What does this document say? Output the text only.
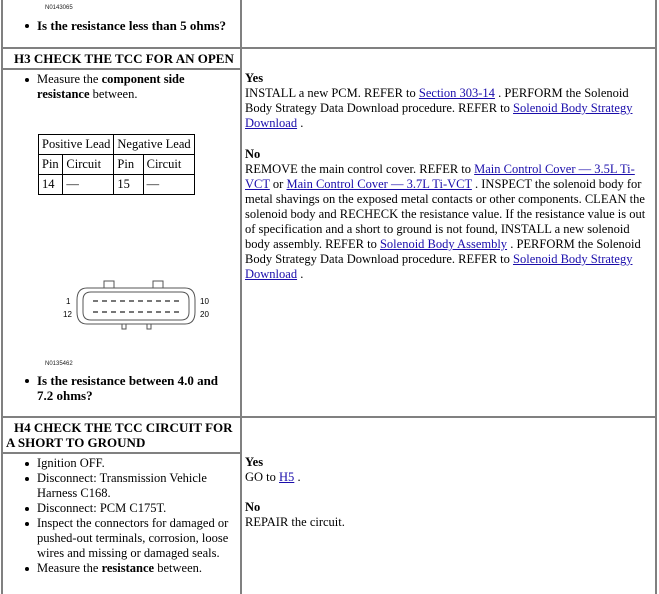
N0143065
Is the resistance less than 5 ohms?
H3 CHECK THE TCC FOR AN OPEN
Measure the component side resistance between.
Positive Lead		Negative Lead	
Pin	Circuit	Pin	Circuit
14	—	15	—
1
12
10
20
N0135462
Is the resistance between 4.0 and 7.2 ohms?
Yes
INSTALL a new PCM. REFER to Section 303-14 . PERFORM the Solenoid Body Strategy Data Download procedure. REFER to Solenoid Body Strategy Download .
No
REMOVE the main control cover. REFER to Main Control Cover — 3.5L Ti-VCT or Main Control Cover — 3.7L Ti-VCT . INSPECT the solenoid body for metal shavings on the exposed metal contacts or other components. CLEAN the solenoid body and RECHECK the resistance value. If the resistance value is out of specification and a short to ground is not found, INSTALL a new solenoid body assembly. REFER to Solenoid Body Assembly . PERFORM the Solenoid Body Strategy Data Download procedure. REFER to Solenoid Body Strategy Download .
H4 CHECK THE TCC CIRCUIT FOR A SHORT TO GROUND
Ignition OFF.
Disconnect: Transmission Vehicle Harness C168.
Disconnect: PCM C175T.
Inspect the connectors for damaged or pushed-out terminals, corrosion, loose wires and missing or damaged seals.
Measure the resistance between.
Yes
GO to H5 .
No
REPAIR the circuit.
